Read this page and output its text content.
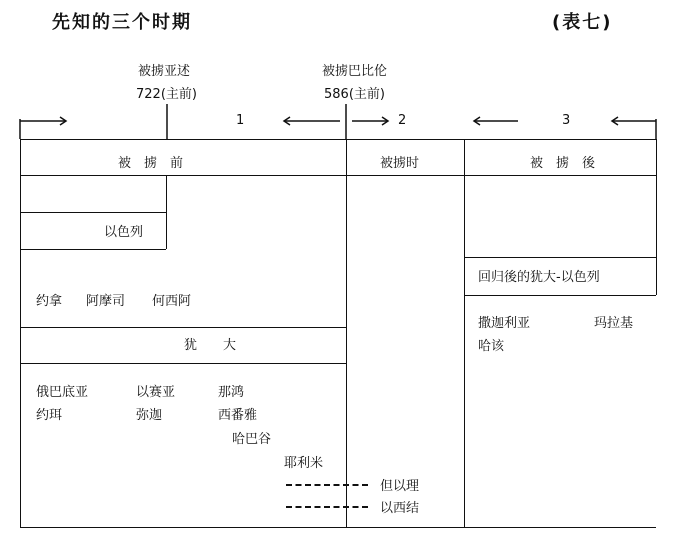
先知的三个时期	(表七)
被掳亚述
722(主前)
被掳巴比伦
586(主前)
1	2	3
被　掳　前	被掳时	被　掳　後
以色列
约拿 阿摩司 何西阿
犹　　大
俄巴底亚	以赛亚	那鸿
约珥	弥迦	西番雅
哈巴谷
耶利米
但以理
以西结
回归後的犹大-以色列
撒迦利亚	玛拉基
哈该
